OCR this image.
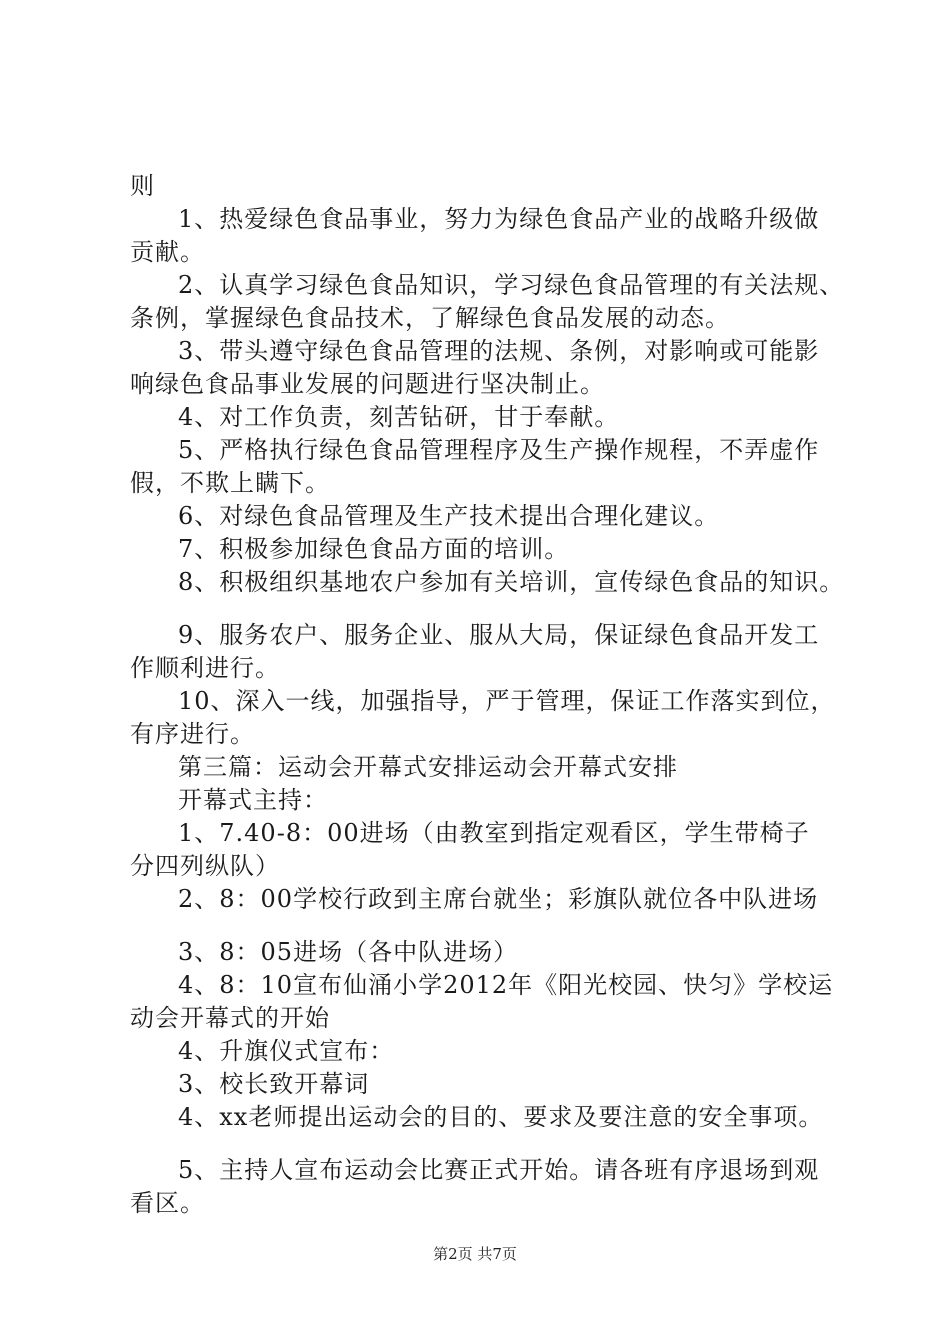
则
1、热爱绿色食品事业，努力为绿色食品产业的战略升级做
贡献。
2、认真学习绿色食品知识，学习绿色食品管理的有关法规、
条例，掌握绿色食品技术，了解绿色食品发展的动态。
3、带头遵守绿色食品管理的法规、条例，对影响或可能影
响绿色食品事业发展的问题进行坚决制止。
4、对工作负责，刻苦钻研，甘于奉献。
5、严格执行绿色食品管理程序及生产操作规程，不弄虚作
假，不欺上瞒下。
6、对绿色食品管理及生产技术提出合理化建议。
7、积极参加绿色食品方面的培训。
8、积极组织基地农户参加有关培训，宣传绿色食品的知识。
9、服务农户、服务企业、服从大局，保证绿色食品开发工
作顺利进行。
10、深入一线，加强指导，严于管理，保证工作落实到位，
有序进行。
第三篇：运动会开幕式安排运动会开幕式安排
开幕式主持：
1、7.40-8：00进场（由教室到指定观看区，学生带椅子
分四列纵队）
2、8：00学校行政到主席台就坐；彩旗队就位各中队进场
3、8：05进场（各中队进场）
4、8：10宣布仙涌小学2012年《阳光校园、快匀》学校运
动会开幕式的开始
4、升旗仪式宣布：
3、校长致开幕词
4、xx老师提出运动会的目的、要求及要注意的安全事项。
5、主持人宣布运动会比赛正式开始。请各班有序退场到观
看区。
第2页 共7页
